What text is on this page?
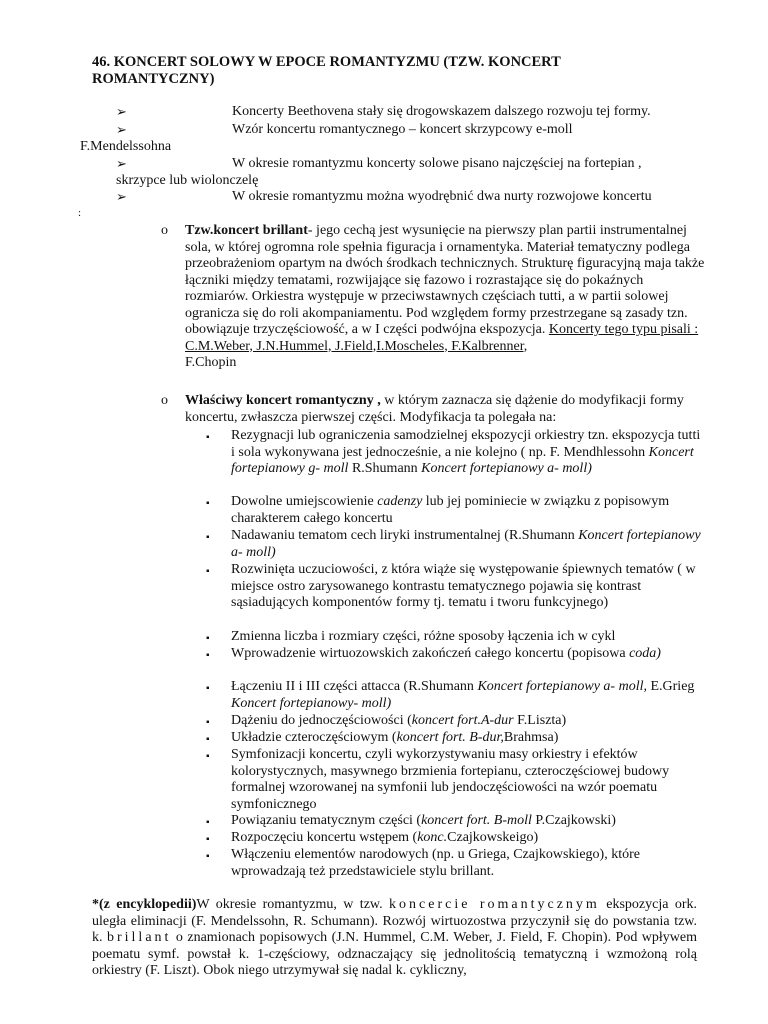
46. KONCERT SOLOWY W EPOCE ROMANTYZMU (TZW. KONCERT ROMANTYCZNY)
➢	Koncerty Beethovena stały się drogowskazem dalszego rozwoju tej formy.
➢	Wzór koncertu romantycznego – koncert skrzypcowy e-moll
F.Mendelssohna
➢	W okresie romantyzmu koncerty solowe pisano najczęściej na fortepian ,
skrzypce lub wiolonczelę
➢	W okresie romantyzmu można wyodrębnić dwa nurty rozwojowe koncertu
:
o Tzw.koncert brillant- jego cechą jest wysunięcie na pierwszy plan partii instrumentalnej sola, w której ogromna role spełnia figuracja i ornamentyka. Materiał tematyczny podlega przeobrażeniom opartym na dwóch środkach technicznych. Strukturę figuracyjną maja także łączniki między tematami, rozwijające się fazowo i rozrastające się do pokaźnych rozmiarów. Orkiestra występuje w przeciwstawnych częściach tutti, a w partii solowej ogranicza się do roli akompaniamentu. Pod względem formy przestrzegane są zasady tzn. obowiązuje trzyczęściowość, a w I części podwójna ekspozycja. Koncerty tego typu pisali : C.M.Weber, J.N.Hummel, J.Field,I.Moscheles, F.Kalbrenner,
F.Chopin
o Właściwy koncert romantyczny , w którym zaznacza się dążenie do modyfikacji formy koncertu, zwłaszcza pierwszej części. Modyfikacja ta polegała na:
▪ Rezygnacji lub ograniczenia samodzielnej ekspozycji orkiestry tzn. ekspozycja tutti i sola wykonywana jest jednocześnie, a nie kolejno ( np. F. Mendhlessohn Koncert fortepianowy g- moll R.Shumann Koncert fortepianowy a- moll)
▪ Dowolne umiejscowienie cadenzy lub jej pominiecie w związku z popisowym charakterem całego koncertu
▪ Nadawaniu tematom cech liryki instrumentalnej (R.Shumann Koncert fortepianowy a- moll)
▪ Rozwinięta uczuciowości, z która wiąże się występowanie śpiewnych tematów ( w miejsce ostro zarysowanego kontrastu tematycznego pojawia się kontrast sąsiadujących komponentów formy tj. tematu i tworu funkcyjnego)
▪ Zmienna liczba i rozmiary części, różne sposoby łączenia ich w cykl
▪ Wprowadzenie wirtuozowskich zakończeń całego koncertu (popisowa coda)
▪ Łączeniu II i III części attacca (R.Shumann Koncert fortepianowy a- moll, E.Grieg Koncert fortepianowy- moll)
▪ Dążeniu do jednoczęściowości (koncert fort.A-dur F.Liszta)
▪ Układzie czteroczęściowym (koncert fort. B-dur,Brahmsa)
▪ Symfonizacji koncertu, czyli wykorzystywaniu masy orkiestry i efektów kolorystycznych, masywnego brzmienia fortepianu, czteroczęściowej budowy formalnej wzorowanej na symfonii lub jendoczęściowości na wzór poematu symfonicznego
▪ Powiązaniu tematycznym części (koncert fort. B-moll P.Czajkowski)
▪ Rozpoczęciu koncertu wstępem (konc.Czajkowskeigo)
▪ Włączeniu elementów narodowych (np. u Griega, Czajkowskiego), które wprowadzają też przedstawiciele stylu brillant.
*(z encyklopedii)W okresie romantyzmu, w tzw. koncercie romantycznym ekspozycja ork. uległa eliminacji (F. Mendelssohn, R. Schumann). Rozwój wirtuozostwa przyczynił się do powstania tzw. k. brillant o znamionach popisowych (J.N. Hummel, C.M. Weber, J. Field, F. Chopin). Pod wpływem poematu symf. powstał k. 1-częściowy, odznaczający się jednolitością tematyczną i wzmożoną rolą orkiestry (F. Liszt). Obok niego utrzymywał się nadal k. cykliczny,
